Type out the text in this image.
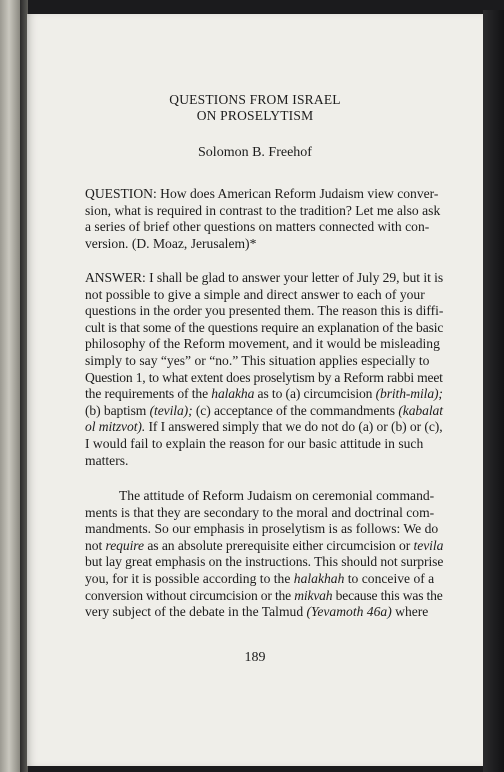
QUESTIONS FROM ISRAEL
ON PROSELYTISM
Solomon B. Freehof
QUESTION: How does American Reform Judaism view conver-
sion, what is required in contrast to the tradition? Let me also ask
a series of brief other questions on matters connected with con-
version. (D. Moaz, Jerusalem)*
ANSWER: I shall be glad to answer your letter of July 29, but it is
not possible to give a simple and direct answer to each of your
questions in the order you presented them. The reason this is diffi-
cult is that some of the questions require an explanation of the basic
philosophy of the Reform movement, and it would be misleading
simply to say “yes” or “no.” This situation applies especially to
Question 1, to what extent does proselytism by a Reform rabbi meet
the requirements of the halakha as to (a) circumcision (brith-mila);
(b) baptism (tevila); (c) acceptance of the commandments (kabalat
ol mitzvot). If I answered simply that we do not do (a) or (b) or (c),
I would fail to explain the reason for our basic attitude in such
matters.
The attitude of Reform Judaism on ceremonial command-
ments is that they are secondary to the moral and doctrinal com-
mandments. So our emphasis in proselytism is as follows: We do
not require as an absolute prerequisite either circumcision or tevila
but lay great emphasis on the instructions. This should not surprise
you, for it is possible according to the halakhah to conceive of a
conversion without circumcision or the mikvah because this was the
very subject of the debate in the Talmud (Yevamoth 46a) where
189
